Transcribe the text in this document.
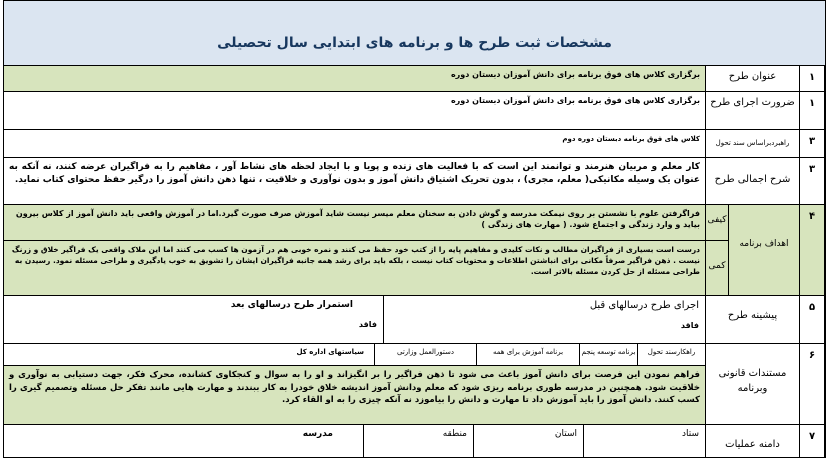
مشخصات ثبت طرح ها و برنامه های ابتدایی سال تحصیلی
۱
عنوان طرح
برگزاری کلاس های فوق برنامه برای دانش آموزان دبستان دوره
۱
ضرورت اجرای طرح
برگزاری کلاس های فوق برنامه برای دانش آموزان دبستان دوره
۳
راهبردبراساس سند تحول
کلاس های فوق برنامه دبستان دوره دوم
۳
شرح اجمالی طرح
کار معلم و مربیان هنرمند و توانمند این است که با فعالیت های زنده و پویا و با ایجاد لحظه های نشاط آور ، مفاهیم را به فراگیران عرضه کنند، نه آنکه به عنوان یک وسیله مکانیکی( معلم، مجری) ، بدون تحریک اشتیاق دانش آموز و بدون نوآوری و خلاقیت ، تنها ذهن دانش آموز را درگیر حفظ محتوای کتاب نماید.
۴
اهداف برنامه
کیفی
فراگرفتن علوم با نشستن بر روی نیمکت مدرسه و گوش دادن به سخنان معلم میسر نیست شاید آموزش صرف صورت گیرد.اما در آموزش واقعی باید دانش آموز از کلاس بیرون بیاید و وارد زندگی و اجتماع شود. ( مهارت های زندگی )
کمی
درست است بسیاری از فراگیران مطالب و نکات کلیدی و مفاهیم پایه را از کتب خود حفظ می کنند و نمره خوبی هم در آزمون ها کسب می کنند اما این ملاک واقعی یک فراگیر خلاق و زرنگ نیست . ذهن فراگیر صرفاً مکانی برای انباشتن اطلاعات و محتویات کتاب نیست ، بلکه باید برای رشد همه جانبه فراگیران ایشان را تشویق به خوب یادگیری و طراحی مسئله نمود. رسیدن به طراحی مسئله از حل کردن مسئله بالاتر است.
۵
پیشینه طرح
اجرای طرح درسالهای قبل
فاقد
استمرار طرح درسالهای بعد
فاقد
۶
مستندات قانونی وبرنامه
راهکارسند تحول
برنامه توسعه پنجم
برنامه آموزش برای همه
دستورالعمل وزارتی
سیاستهای اداره کل
فراهم نمودن این فرصت برای دانش آموز باعث می شود تا ذهن فراگیر را بر انگیزاند و او را به سوال و کنجکاوی کشانده، محرک فکر، جهت دستیابی به نوآوری و خلاقیت شود. همچنین در مدرسه طوری برنامه ریزی شود که معلم ودانش آموز اندیشه خلاق خودرا به کار ببندند و مهارت هایی مانند تفکر حل مسئله وتصمیم گیری را کسب کنند. دانش آموز را باید آموزش داد تا مهارت و دانش را بیاموزد نه آنکه چیزی را به او القاء کرد.
۷
دامنه عملیات
ستاد
استان
منطقه
مدرسه
